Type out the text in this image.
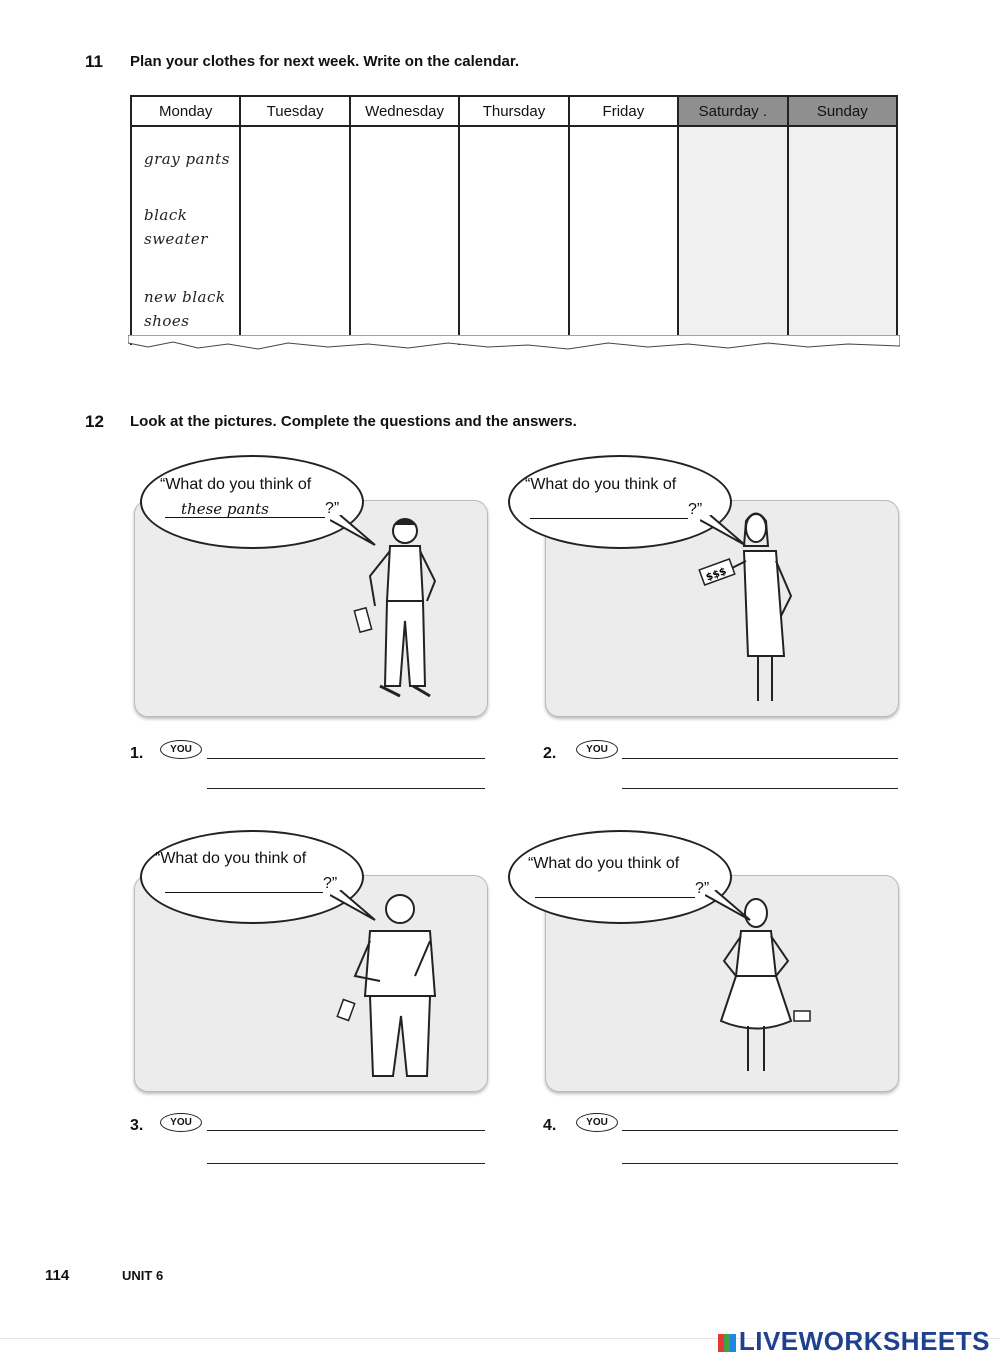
11 Plan your clothes for next week. Write on the calendar.
Monday	Tuesday	Wednesday	Thursday	Friday	Saturday .	Sunday

gray pants
black
sweater
new black
shoes						

12 Look at the pictures. Complete the questions and the answers.
“What do you think of
these pants	?”
$$$
“What do you think of
?”
1.	YOU	2.	YOU
“What do you think of
?”
“What do you think of
?”
3.	YOU	4.	YOU
114	UNIT 6
LIVEWORKSHEETS
